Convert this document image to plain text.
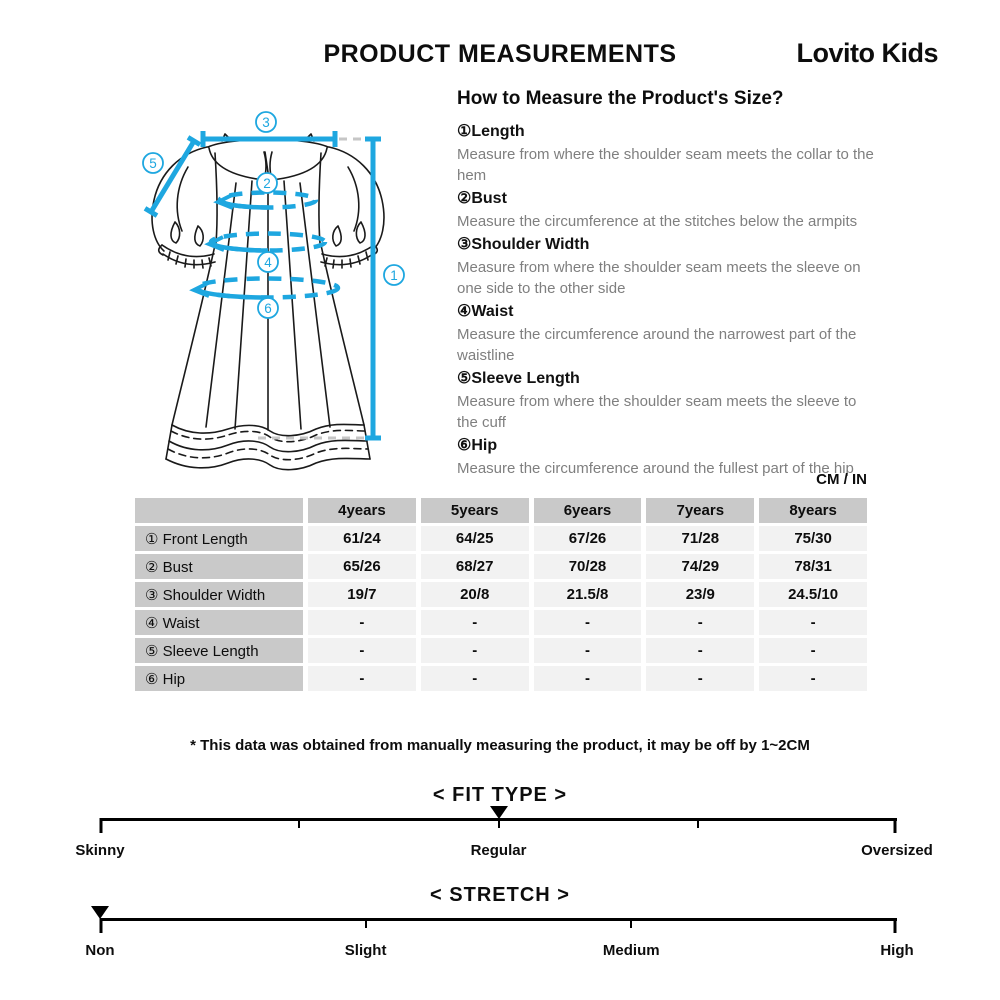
PRODUCT MEASUREMENTS	Lovito Kids
1
2
3
4
5
6
How to Measure the Product's Size?
①Length
Measure from where the shoulder seam meets the collar to the hem
②Bust
Measure the circumference at the stitches below the armpits
③Shoulder Width
Measure from where the shoulder seam meets the sleeve on one side to the other side
④Waist
Measure the circumference around the narrowest part of the waistline
⑤Sleeve Length
Measure from where the shoulder seam meets the sleeve to the cuff
⑥Hip
Measure the circumference around the fullest part of the hip
CM / IN
	4years	5years	6years	7years	8years
① Front Length	61/24	64/25	67/26	71/28	75/30
② Bust	65/26	68/27	70/28	74/29	78/31
③ Shoulder Width	19/7	20/8	21.5/8	23/9	24.5/10
④ Waist	-	-	-	-	-
⑤ Sleeve Length	-	-	-	-	-
⑥ Hip	-	-	-	-	-
* This data was obtained from manually measuring the product, it may be off by 1~2CM
< FIT TYPE >
Skinny	Regular	Oversized
< STRETCH >
Non	Slight	Medium	High
